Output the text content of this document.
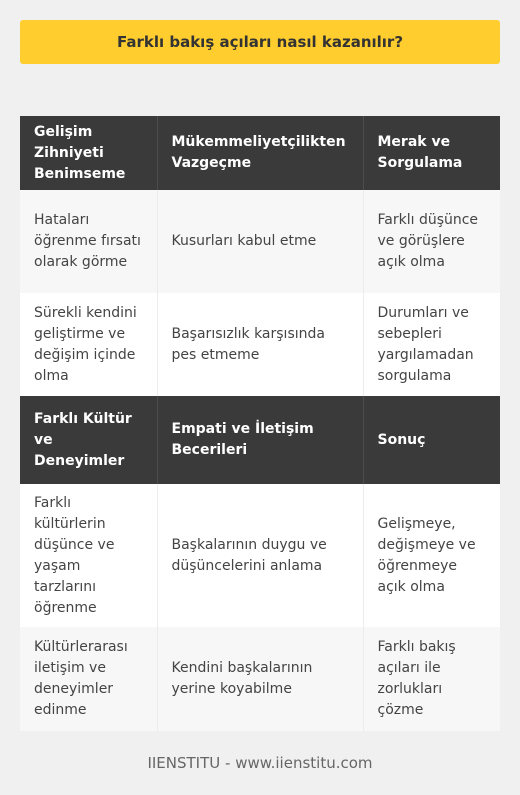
Farklı bakış açıları nasıl kazanılır?
Gelişim Zihniyeti Benimseme	Mükemmeliyetçilikten Vazgeçme	Merak ve Sorgulama
Hataları öğrenme fırsatı olarak görme	Kusurları kabul etme	Farklı düşünce ve görüşlere açık olma
Sürekli kendini geliştirme ve değişim içinde olma	Başarısızlık karşısında pes etmeme	Durumları ve sebepleri yargılamadan sorgulama
Farklı Kültür ve Deneyimler	Empati ve İletişim Becerileri	Sonuç
Farklı kültürlerin düşünce ve yaşam tarzlarını öğrenme	Başkalarının duygu ve düşüncelerini anlama	Gelişmeye, değişmeye ve öğrenmeye açık olma
Kültürlerarası iletişim ve deneyimler edinme	Kendini başkalarının yerine koyabilme	Farklı bakış açıları ile zorlukları çözme
IIENSTITU - www.iienstitu.com
